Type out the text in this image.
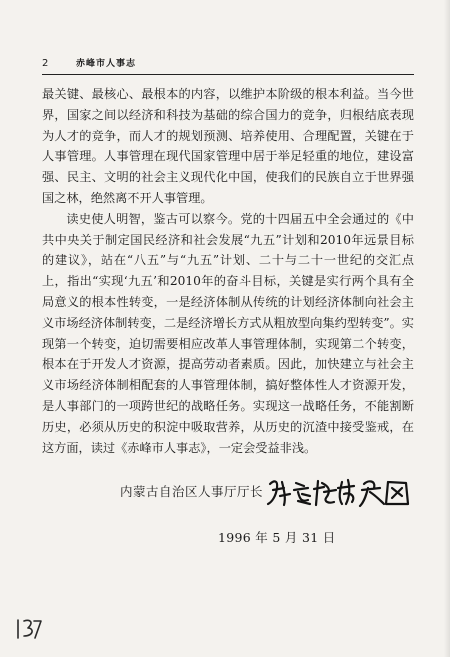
2	赤峰市人事志

最关键、最核心、最根本的内容，以维护本阶级的根本利益。当今世界，国家之间以经济和科技为基础的综合国力的竞争，归根结底表现为人才的竞争，而人才的规划预测、培养使用、合理配置，关键在于人事管理。人事管理在现代国家管理中居于举足轻重的地位，建设富强、民主、文明的社会主义现代化中国，使我们的民族自立于世界强国之林，绝然离不开人事管理。

读史使人明智，鉴古可以察今。党的十四届五中全会通过的《中共中央关于制定国民经济和社会发展“九五”计划和2010年远景目标的建议》，站在“八五”与“九五”计划、二十与二十一世纪的交汇点上，指出“实现‘九五’和2010年的奋斗目标，关键是实行两个具有全局意义的根本性转变，一是经济体制从传统的计划经济体制向社会主义市场经济体制转变，二是经济增长方式从粗放型向集约型转变”。实现第一个转变，迫切需要相应改革人事管理体制，实现第二个转变，根本在于开发人才资源，提高劳动者素质。因此，加快建立与社会主义市场经济体制相配套的人事管理体制，搞好整体性人才资源开发，是人事部门的一项跨世纪的战略任务。实现这一战略任务，不能割断历史，必须从历史的积淀中吸取营养，从历史的沉渣中接受鉴戒，在这方面，读过《赤峰市人事志》，一定会受益非浅。

内蒙古自治区人事厅厅长
1996 年 5 月 31 日
